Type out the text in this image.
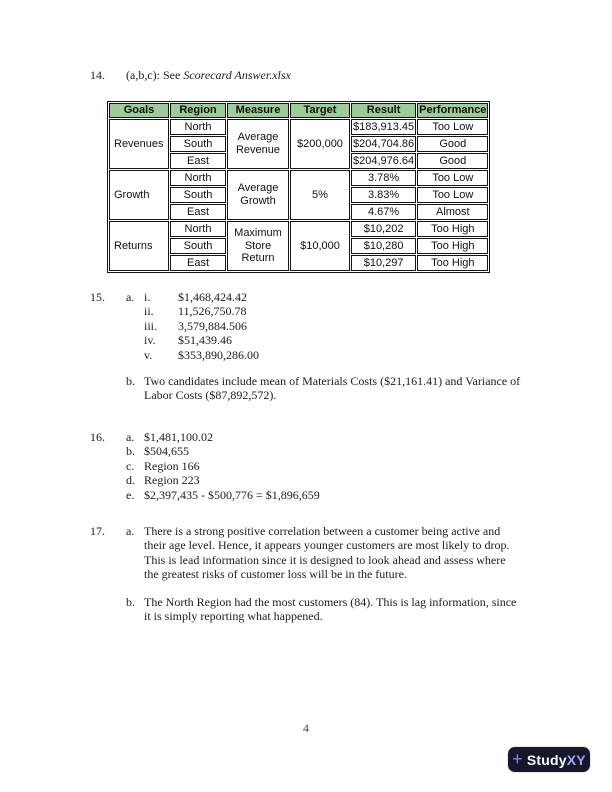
14.	(a,b,c): See Scorecard Answer.xlsx
Goals	Region	Measure	Target	Result	Performance
Revenues	North	Average Revenue	$200,000	$183,913.45	Too Low
	South			$204,704.86	Good
	East			$204,976.64	Good
Growth	North	Average Growth	5%	3.78%	Too Low
	South			3.83%	Too Low
	East			4.67%	Almost
Returns	North	Maximum Store Return	$10,000	$10,202	Too High
	South			$10,280	Too High
	East			$10,297	Too High
15.	a. i.	$1,468,424.42
ii.	11,526,750.78
iii.	3,579,884.506
iv.	$51,439.46
v.	$353,890,286.00
b. Two candidates include mean of Materials Costs ($21,161.41) and Variance of Labor Costs ($87,892,572).

16.	a. $1,481,100.02
b. $504,655
c. Region 166
d. Region 223
e. $2,397,435 - $500,776 = $1,896,659
17.	a. There is a strong positive correlation between a customer being active and their age level. Hence, it appears younger customers are most likely to drop. This is lead information since it is designed to look ahead and assess where the greatest risks of customer loss will be in the future.

b. The North Region had the most customers (84). This is lag information, since it is simply reporting what happened.

4
+ Study XY
